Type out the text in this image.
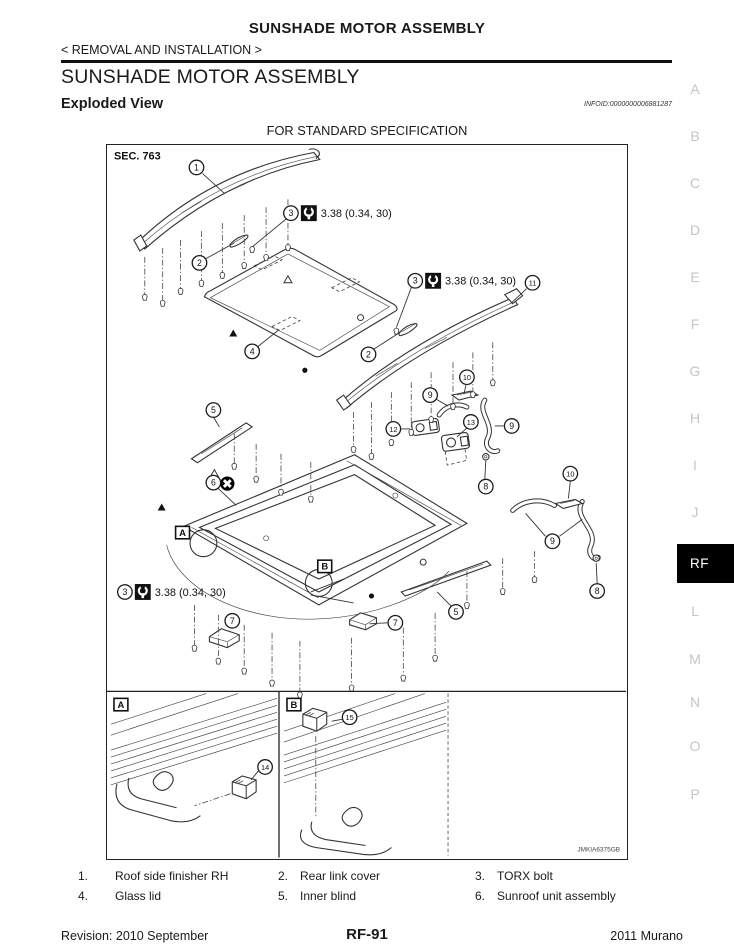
SUNSHADE MOTOR ASSEMBLY
< REMOVAL AND INSTALLATION >
SUNSHADE MOTOR ASSEMBLY
Exploded View	INFOID:0000000006881287
FOR STANDARD SPECIFICATION
SEC. 763
1
2
2
4
5
5
6
7	7
8
8
9
9
9
10
10
11
12
13
14
15
3 3.38 (0.34, 30)
3 3.38 (0.34, 30)
3 3.38 (0.34, 30)
A
B
A	B
JMKIA6375GB
A
B
C
D
E
F
G
H
I
J
L
M
N
O
P
RF
1.	Roof side finisher RH	2. Rear link cover	3. TORX bolt
4.	Glass lid	5. Inner blind	6. Sunroof unit assembly
Revision: 2010 September	RF-91	2011 Murano
